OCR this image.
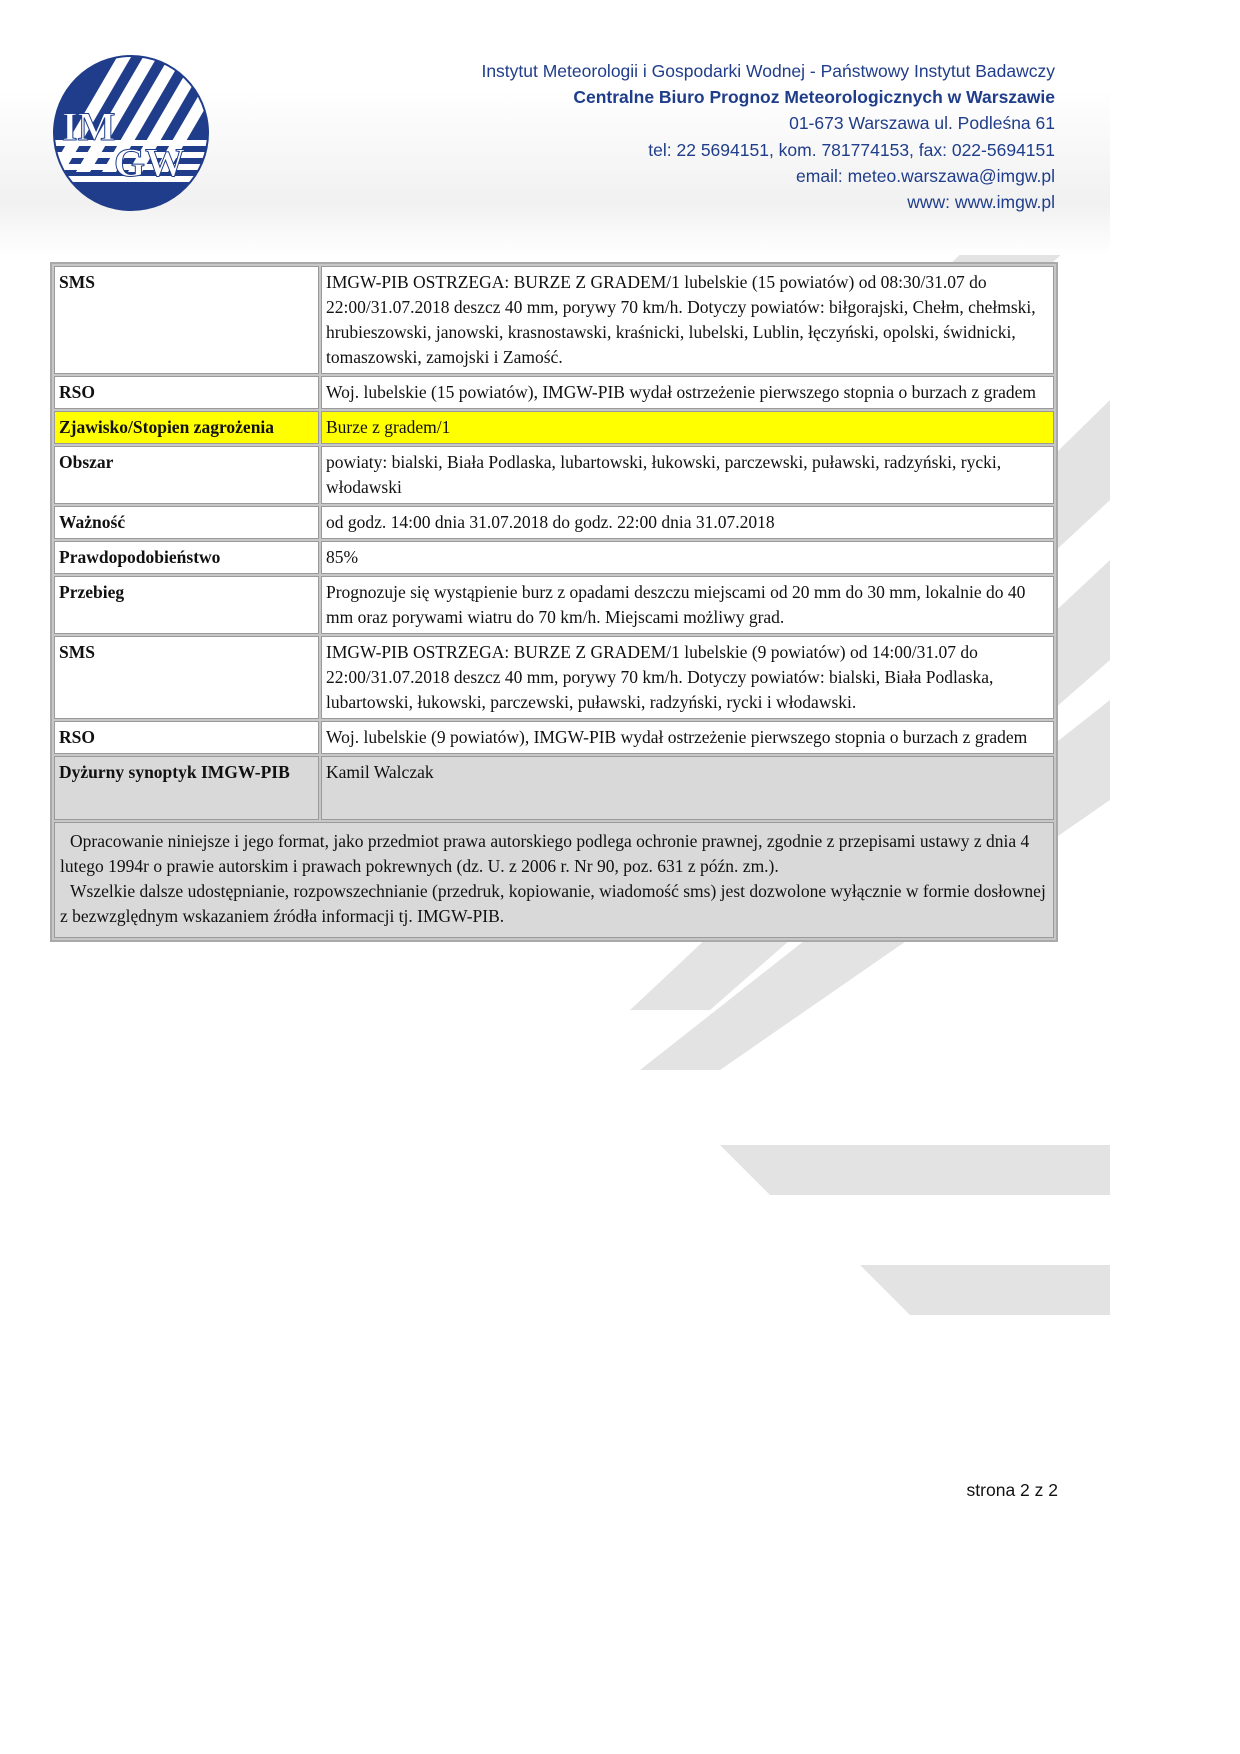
IM
GW
Instytut Meteorologii i Gospodarki Wodnej - Państwowy Instytut Badawczy
Centralne Biuro Prognoz Meteorologicznych w Warszawie
01-673 Warszawa ul. Podleśna 61
tel: 22 5694151, kom. 781774153, fax: 022-5694151
email: meteo.warszawa@imgw.pl
www: www.imgw.pl
SMS	IMGW-PIB OSTRZEGA: BURZE Z GRADEM/1 lubelskie (15 powiatów) od 08:30/31.07 do 22:00/31.07.2018 deszcz 40 mm, porywy 70 km/h. Dotyczy powiatów: biłgorajski, Chełm, chełmski, hrubieszowski, janowski, krasnostawski, kraśnicki, lubelski, Lublin, łęczyński, opolski, świdnicki, tomaszowski, zamojski i Zamość.
RSO	Woj. lubelskie (15 powiatów), IMGW-PIB wydał ostrzeżenie pierwszego stopnia o burzach z gradem
Zjawisko/Stopien zagrożenia	Burze z gradem/1
Obszar	powiaty: bialski, Biała Podlaska, lubartowski, łukowski, parczewski, puławski, radzyński, rycki, włodawski
Ważność	od godz. 14:00 dnia 31.07.2018 do godz. 22:00 dnia 31.07.2018
Prawdopodobieństwo	85%
Przebieg	Prognozuje się wystąpienie burz z opadami deszczu miejscami od 20 mm do 30 mm, lokalnie do 40 mm oraz porywami wiatru do 70 km/h. Miejscami możliwy grad.
SMS	IMGW-PIB OSTRZEGA: BURZE Z GRADEM/1 lubelskie (9 powiatów) od 14:00/31.07 do 22:00/31.07.2018 deszcz 40 mm, porywy 70 km/h. Dotyczy powiatów: bialski, Biała Podlaska, lubartowski, łukowski, parczewski, puławski, radzyński, rycki i włodawski.
RSO	Woj. lubelskie (9 powiatów), IMGW-PIB wydał ostrzeżenie pierwszego stopnia o burzach z gradem
Dyżurny synoptyk IMGW-PIB	Kamil Walczak

Opracowanie niniejsze i jego format, jako przedmiot prawa autorskiego podlega ochronie prawnej, zgodnie z przepisami ustawy z dnia 4 lutego 1994r o prawie autorskim i prawach pokrewnych (dz. U. z 2006 r. Nr 90, poz. 631 z późn. zm.).

Wszelkie dalsze udostępnianie, rozpowszechnianie (przedruk, kopiowanie, wiadomość sms) jest dozwolone wyłącznie w formie dosłownej z bezwzględnym wskazaniem źródła informacji tj. IMGW-PIB.	

strona 2 z 2
